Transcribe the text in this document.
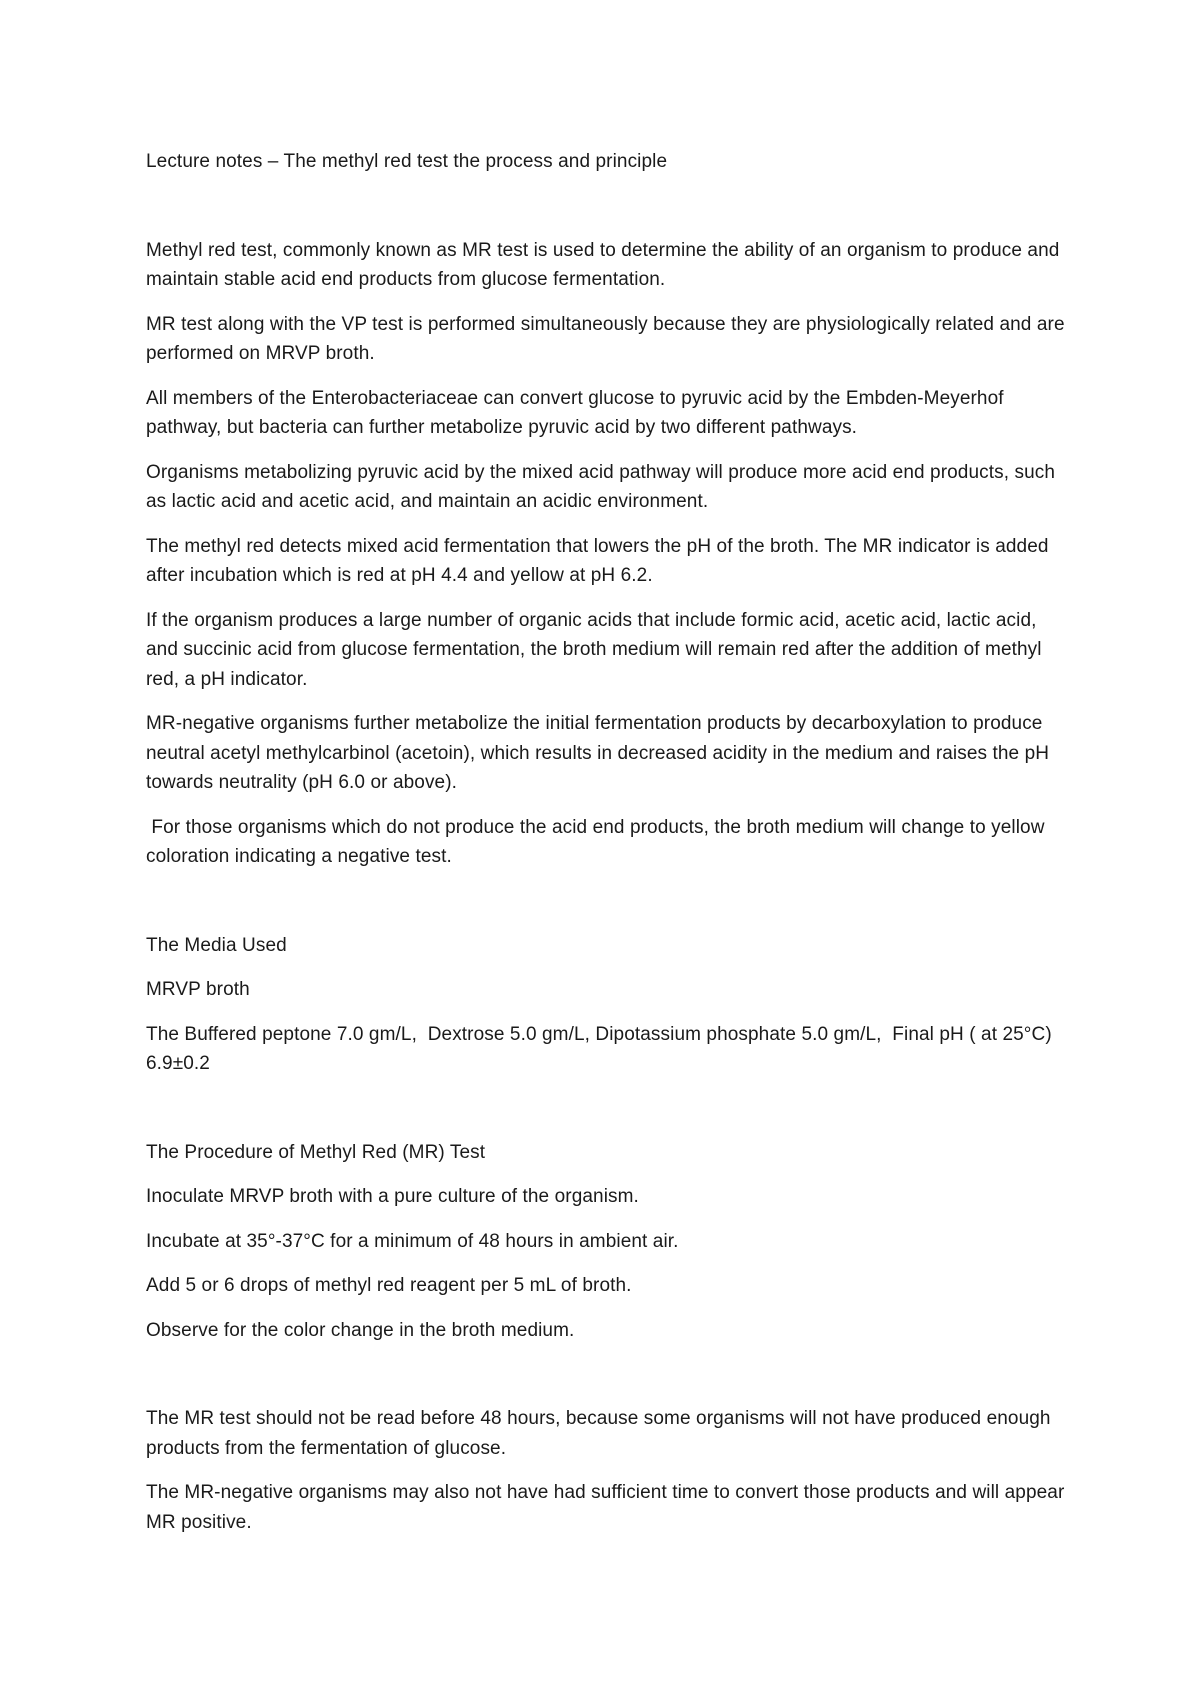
Lecture notes – The methyl red test the process and principle

Methyl red test, commonly known as MR test is used to determine the ability of an organism to produce and maintain stable acid end products from glucose fermentation.

MR test along with the VP test is performed simultaneously because they are physiologically related and are performed on MRVP broth.

All members of the Enterobacteriaceae can convert glucose to pyruvic acid by the Embden-Meyerhof pathway, but bacteria can further metabolize pyruvic acid by two different pathways.

Organisms metabolizing pyruvic acid by the mixed acid pathway will produce more acid end products, such as lactic acid and acetic acid, and maintain an acidic environment.

The methyl red detects mixed acid fermentation that lowers the pH of the broth. The MR indicator is added after incubation which is red at pH 4.4 and yellow at pH 6.2.

If the organism produces a large number of organic acids that include formic acid, acetic acid, lactic acid, and succinic acid from glucose fermentation, the broth medium will remain red after the addition of methyl red, a pH indicator.

MR-negative organisms further metabolize the initial fermentation products by decarboxylation to produce neutral acetyl methylcarbinol (acetoin), which results in decreased acidity in the medium and raises the pH towards neutrality (pH 6.0 or above).

For those organisms which do not produce the acid end products, the broth medium will change to yellow coloration indicating a negative test.

The Media Used

MRVP broth

The Buffered peptone 7.0 gm/L,  Dextrose 5.0 gm/L, Dipotassium phosphate 5.0 gm/L,  Final pH ( at 25°C) 6.9±0.2

The Procedure of Methyl Red (MR) Test

Inoculate MRVP broth with a pure culture of the organism.

Incubate at 35°-37°C for a minimum of 48 hours in ambient air.

Add 5 or 6 drops of methyl red reagent per 5 mL of broth.

Observe for the color change in the broth medium.

The MR test should not be read before 48 hours, because some organisms will not have produced enough products from the fermentation of glucose.

The MR-negative organisms may also not have had sufficient time to convert those products and will appear MR positive.
